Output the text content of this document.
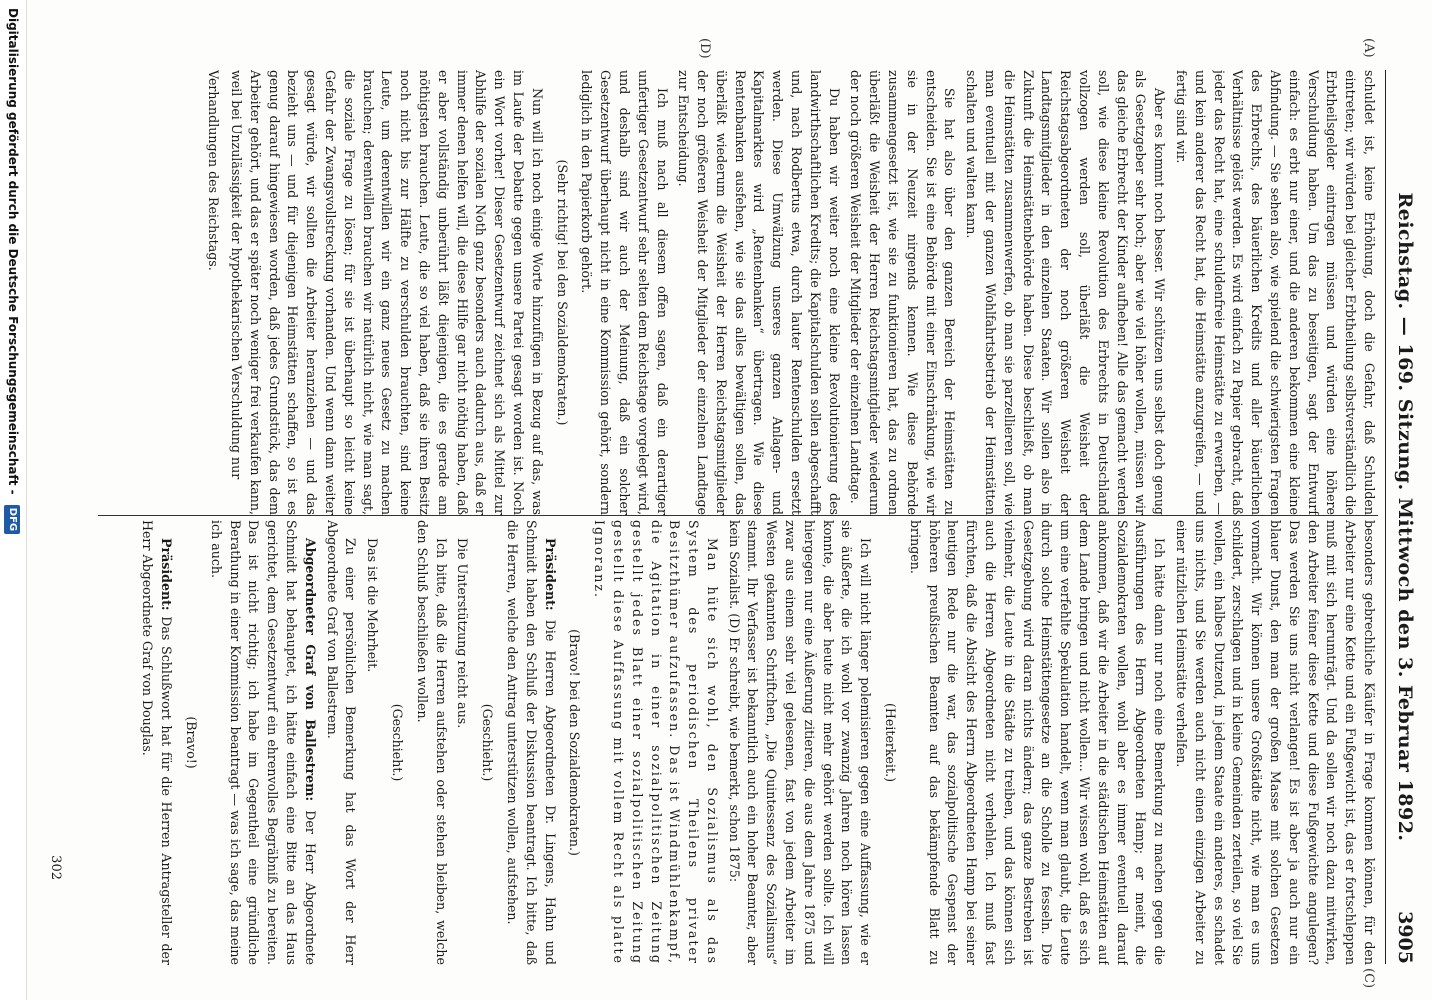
Reichstag. — 169. Sitzung. Mittwoch den 3. Februar 1892.
3905
(A)
(C)
(D)

schuldet ist, keine Erhöhung, doch die Gefahr, daß Schulden eintreten; wir würden bei gleicher Erbtheilung selbstverständlich die Erbtheilsgelder eintragen müssen und würden eine höhere Verschuldung haben. Um das zu beseitigen, sagt der Entwurf einfach: es erbt nur einer, und die anderen bekommen eine kleine Abfindung. — Sie sehen also, wie spielend die schwierigsten Fragen des Erbrechts, des bäuerlichen Kredits und aller bäuerlichen Verhältnisse gelöst werden. Es wird einfach zu Papier gebracht, daß jeder das Recht hat, eine schuldenfreie Heimstätte zu erwerben, — und kein anderer das Recht hat, die Heimstätte anzugreifen, — und fertig sind wir.

Aber es kommt noch besser. Wir schützen uns selbst doch genug als Gesetzgeber sehr hoch; aber wie viel höher wollen, müssen wir das gleiche Erbrecht der Kinder aufheben! Alle das gemacht werden soll, wie diese kleine Revolution des Erbrechts in Deutschland vollzogen werden soll, überläßt die Weisheit der Reichstagsabgeordneten der noch größeren Weisheit der Landtagsmitglieder in den einzelnen Staaten. Wir sollen also in Zukunft die Heimstättenbehörde haben. Diese beschließt, ob man die Heimstätten zusammenwerfen, ob man sie parzellieren soll, wie man eventuell mit der ganzen Wohlfahrtsbetrieb der Heimstätten schalten und walten kann.

Sie hat also über den ganzen Bereich der Heimstätten zu entscheiden. Sie ist eine Behörde mit einer Einschränkung, wie wir sie in der Neuzeit nirgends kennen. Wie diese Behörde zusammengesetzt ist, wie sie zu funktionieren hat, das zu ordnen überläßt die Weisheit der Herren Reichstagsmitglieder wiederum der noch größeren Weisheit der Mitglieder der einzelnen Landtage.

Du haben wir weiter noch eine kleine Revolutionierung des landwirthschaftlichen Kredits; die Kapitalschulden sollen abgeschafft und, nach Rodbertus etwa, durch lauter Rentenschulden ersetzt werden. Diese Umwälzung unseres ganzen Anlagen- und Kapitalmarktes wird „Rentenbanken“ übertragen. Wie diese Rentenbanken ausfehen, wie sie das alles bewältigen sollen, das überläßt wiederum die Weisheit der Herren Reichstagsmitglieder der noch größeren Weisheit der Mitglieder der einzelnen Landtage zur Entscheidung.

Ich muß nach all diesem offen sagen, daß ein derartiger unfertiger Gesetzentwurf sehr selten dem Reichstage vorgelegt wird, und deshalb sind wir auch der Meinung, daß ein solcher Gesetzentwurf überhaupt nicht in eine Kommission gehört, sondern lediglich in den Papierkorb gehört.

(Sehr richtig! bei den Sozialdemokraten.)

Nun will ich noch einige Worte hinzufügen in Bezug auf das, was im Laufe der Debatte gegen unsere Partei gesagt worden ist. Noch ein Wort vorher! Dieser Gesetzentwurf zeichnet sich als Mittel zur Abhilfe der sozialen Noth ganz besonders auch dadurch aus, daß er immer denen helfen will, die diese Hilfe gar nicht nöthig haben, daß er aber vollständig unberührt läßt diejenigen, die es gerade am nöthigsten brauchen. Leute, die so viel haben, daß sie ihren Besitz noch nicht bis zur Hälfte zu verschulden brauchten, sind keine Leute, um derentwillen wir ein ganz neues Gesetz zu machen brauchen; derentwillen brauchen wir natürlich nicht, wie man sagt, die soziale Frage zu lösen; für sie ist überhaupt so leicht keine Gefahr der Zwangsvollstreckung vorhanden. Und wenn dann weiter gesagt würde, wir sollten die Arbeiter heranziehen — und das bezieht uns — und für diejenigen Heimstätten schaffen, so ist es genug darauf hingewiesen worden, daß jedes Grundstück, das dem Arbeiter gehört, und das er später noch weniger frei verkaufen kann, weil bei Unzulässigkeit der hypothekarischen Verschuldung nur

Verhandlungen des Reichstags.

besonders gebrechliche Käufer in Frage kommen können, für den Arbeiter nur eine Kette und ein Fußgewicht ist, das er fortschleppen muß mit sich herumträgt. Und da sollen wir noch dazu mitwirken, den Arbeiter feiner diese Kette und diese Fußgewichte angulegen? Das werden Sie uns nicht verlangen! Es ist aber ja auch nur ein blauer Dunst, den man der großen Masse mit solchen Gesetzen vormacht. Wir können unsere Großstädte nicht, wie man es uns schildert, zerschlagen und in kleine Gemeinden zerteilen, so viel Sie wollen, ein halbes Dutzend, in jedem Staate ein anderes, es schadet uns nichts, und Sie werden auch nicht einen einzigen Arbeiter zu einer nützlichen Heimstätte verhelfen.

Ich hätte dann nur noch eine Bemerkung zu machen gegen die Ausführungen des Herrn Abgeordneten Hamp; er meint, die Sozialdemokraten wollen, wohl aber es immer eventuell darauf ankommen, daß wir die Arbeiter in die städtischen Heimstätten auf dem Lande bringen und nicht wollen... Wir wissen wohl, daß es sich um eine verfehlte Spekulation handelt, wenn man glaubt, die Leute durch solche Heimstättengesetze an die Scholle zu fesseln. Die Gesetzgebung wird daran nichts ändern; das ganze Bestreben ist vielmehr, die Leute in die Städte zu treiben, und das können sich auch die Herren Abgeordneten nicht verhehlen. Ich muß fast fürchten, daß die Absicht des Herrn Abgeordneten Hamp bei seiner heutigen Rede nur die war, das sozialpolitische Gespenst der höheren preußischen Beamten auf das bekämpfende Blatt zu bringen.

(Heiterkeit.)

Ich will nicht länger polemisieren gegen eine Auffassung, wie er sie äußerte, die ich wohl vor zwanzig Jahren noch hören lassen konnte, die aber heute nicht mehr gehört werden sollte. Ich will hiergegen nur eine Äußerung zitieren, die aus dem Jahre 1875 und zwar aus einem sehr viel gelesenen, fast von jedem Arbeiter im Westen gekannten Schriftchen, „Die Quintessenz des Sozialismus“ stammt. Ihr Verfasser ist bekanntlich auch ein hoher Beamter, aber kein Sozialist. (D) Er schreibt, wie bemerkt, schon 1875:

Man hüte sich wohl, den Sozialismus als das System des periodischen Theilens privater Besitzthümer aufzufassen. Das ist Windmühlenkampf, die Agitation in einer sozialpolitischen Zeitung gestellt jedes Blatt einer sozialpolitischen Zeitung gestellt diese Auffassung mit vollem Recht als platte Ignoranz.

(Bravo! bei den Sozialdemokraten.)

Präsident: Die Herren Abgeordneten Dr. Lingens, Hahn und Schmidt haben den Schluß der Diskussion beantragt. Ich bitte, daß die Herren, welche den Antrag unterstützen wollen, aufstehen.

(Geschieht.)

Die Unterstützung reicht aus.

Ich bitte, daß die Herren aufstehen oder stehen bleiben, welche den Schluß beschließen wollen.

(Geschieht.)

Das ist die Mehrheit.

Zu einer persönlichen Bemerkung hat das Wort der Herr Abgeordnete Graf von Ballestrem.

Abgeordneter Graf von Ballestrem: Der Herr Abgeordnete Schmidt hat behauptet, ich hätte einfach eine Bitte an das Haus gerichtet, dem Gesetzentwurf ein ehrenvolles Begräbniß zu bereiten. Das ist nicht richtig; ich habe im Gegentheil eine gründliche Berathung in einer Kommission beantragt — was ich sage, das meine ich auch.

(Bravo!)

Präsident: Das Schlußwort hat für die Herren Antragsteller der Herr Abgeordnete Graf von Douglas.

302
Digitalisierung gefördert durch die Deutsche Forschungsgemeinschaft - DFG
